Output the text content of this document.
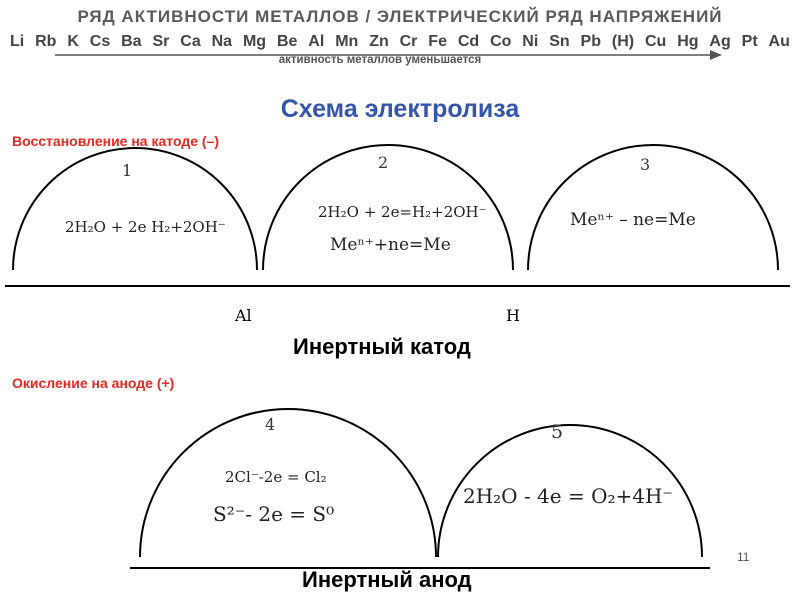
РЯД АКТИВНОСТИ МЕТАЛЛОВ / ЭЛЕКТРИЧЕСКИЙ РЯД НАПРЯЖЕНИЙ
Li Rb K Cs Ba Sr Ca Na Mg Be Al Mn Zn Cr Fe Cd Co Ni Sn Pb (H) Cu Hg Ag Pt Au
активность металлов уменьшается
Схема электролиза
Восстановление на катоде (–)
1
2H₂O + 2e H₂+2OH⁻
2
2H₂O + 2e=H₂+2OH⁻
Meⁿ⁺+ne=Me
3
Meⁿ⁺ – ne=Me
Al	H
Инертный катод
Окисление на аноде (+)
4
2Cl⁻-2e = Cl₂
S²⁻- 2e = S⁰
5
2H₂O - 4e = O₂+4H⁻
11
Инертный анод
